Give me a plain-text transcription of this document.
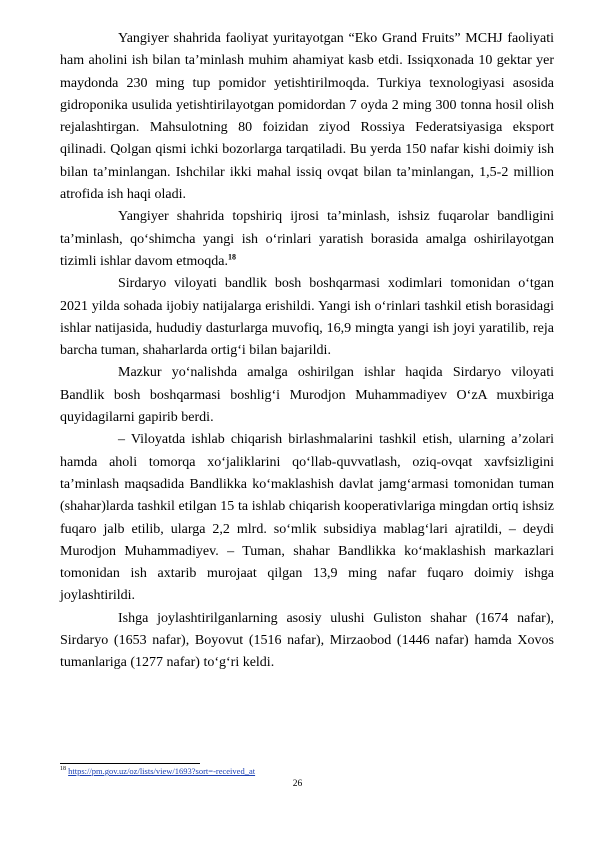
Yangiyer shahrida faoliyat yuritayotgan “Eko Grand Fruits” MCHJ faoliyati ham aholini ish bilan ta’minlash muhim ahamiyat kasb etdi. Issiqxonada 10 gektar yer maydonda 230 ming tup pomidor yetishtirilmoqda. Turkiya texnologiyasi asosida gidroponika usulida yetishtirilayotgan pomidordan 7 oyda 2 ming 300 tonna hosil olish rejalashtirgan. Mahsulotning 80 foizidan ziyod Rossiya Federatsiyasiga eksport qilinadi. Qolgan qismi ichki bozorlarga tarqatiladi. Bu yerda 150 nafar kishi doimiy ish bilan ta’minlangan. Ishchilar ikki mahal issiq ovqat bilan ta’minlangan, 1,5-2 million atrofida ish haqi oladi.

Yangiyer shahrida topshiriq ijrosi ta’minlash, ishsiz fuqarolar bandligini ta’minlash, qo‘shimcha yangi ish o‘rinlari yaratish borasida amalga oshirilayotgan tizimli ishlar davom etmoqda.$^{18}$

Sirdaryo viloyati bandlik bosh boshqarmasi xodimlari tomonidan o‘tgan 2021 yilda sohada ijobiy natijalarga erishildi. Yangi ish o‘rinlari tashkil etish borasidagi ishlar natijasida, hududiy dasturlarga muvofiq, 16,9 mingta yangi ish joyi yaratilib, reja barcha tuman, shaharlarda ortig‘i bilan bajarildi.

Mazkur yo‘nalishda amalga oshirilgan ishlar haqida Sirdaryo viloyati Bandlik bosh boshqarmasi boshlig‘i Murodjon Muhammadiyev O‘zA muxbiriga quyidagilarni gapirib berdi.

– Viloyatda ishlab chiqarish birlashmalarini tashkil etish, ularning a’zolari hamda aholi tomorqa xo‘jaliklarini qo‘llab-quvvatlash, oziq-ovqat xavfsizligini ta’minlash maqsadida Bandlikka ko‘maklashish davlat jamg‘armasi tomonidan tuman (shahar)larda tashkil etilgan 15 ta ishlab chiqarish kooperativlariga mingdan ortiq ishsiz fuqaro jalb etilib, ularga 2,2 mlrd. so‘mlik subsidiya mablag‘lari ajratildi, – deydi Murodjon Muhammadiyev. – Tuman, shahar Bandlikka ko‘maklashish markazlari tomonidan ish axtarib murojaat qilgan 13,9 ming nafar fuqaro doimiy ishga joylashtirildi.

Ishga joylashtirilganlarning asosiy ulushi Guliston shahar (1674 nafar), Sirdaryo (1653 nafar), Boyovut (1516 nafar), Mirzaobod (1446 nafar) hamda Xovos tumanlariga (1277 nafar) to‘g‘ri keldi.

$^{18}$ https://pm.gov.uz/oz/lists/view/1693?sort=-received_at
26
